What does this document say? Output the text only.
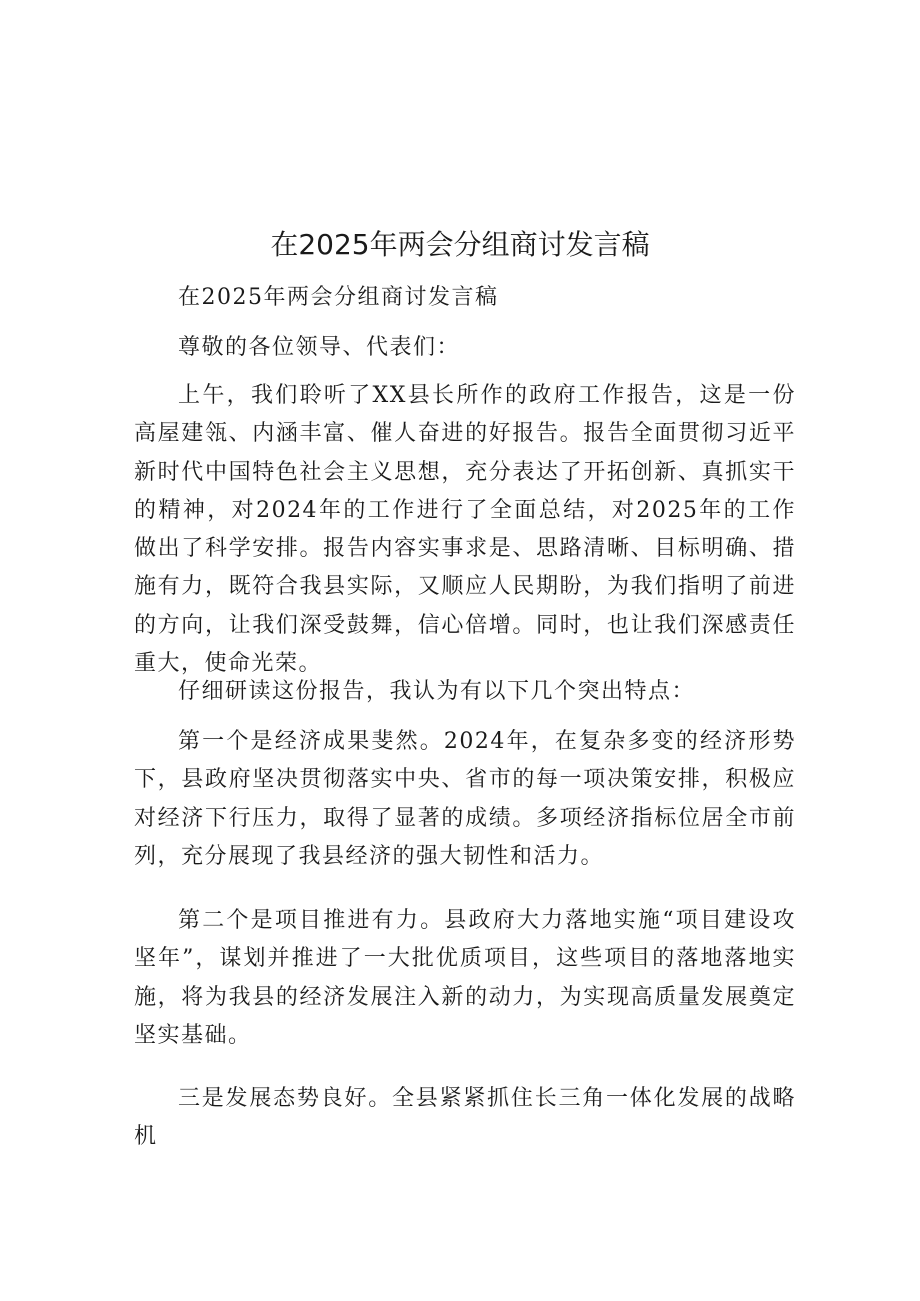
在2025年两会分组商讨发言稿
在2025年两会分组商讨发言稿
尊敬的各位领导、代表们：
上午，我们聆听了XX县长所作的政府工作报告，这是一份高屋建瓴、内涵丰富、催人奋进的好报告。报告全面贯彻习近平新时代中国特色社会主义思想，充分表达了开拓创新、真抓实干的精神，对2024年的工作进行了全面总结，对2025年的工作做出了科学安排。报告内容实事求是、思路清晰、目标明确、措施有力，既符合我县实际，又顺应人民期盼，为我们指明了前进的方向，让我们深受鼓舞，信心倍增。同时，也让我们深感责任重大，使命光荣。
仔细研读这份报告，我认为有以下几个突出特点：
第一个是经济成果斐然。2024年，在复杂多变的经济形势下，县政府坚决贯彻落实中央、省市的每一项决策安排，积极应对经济下行压力，取得了显著的成绩。多项经济指标位居全市前列，充分展现了我县经济的强大韧性和活力。
第二个是项目推进有力。县政府大力落地实施“项目建设攻坚年”，谋划并推进了一大批优质项目，这些项目的落地落地实施，将为我县的经济发展注入新的动力，为实现高质量发展奠定坚实基础。
三是发展态势良好。全县紧紧抓住长三角一体化发展的战略机
